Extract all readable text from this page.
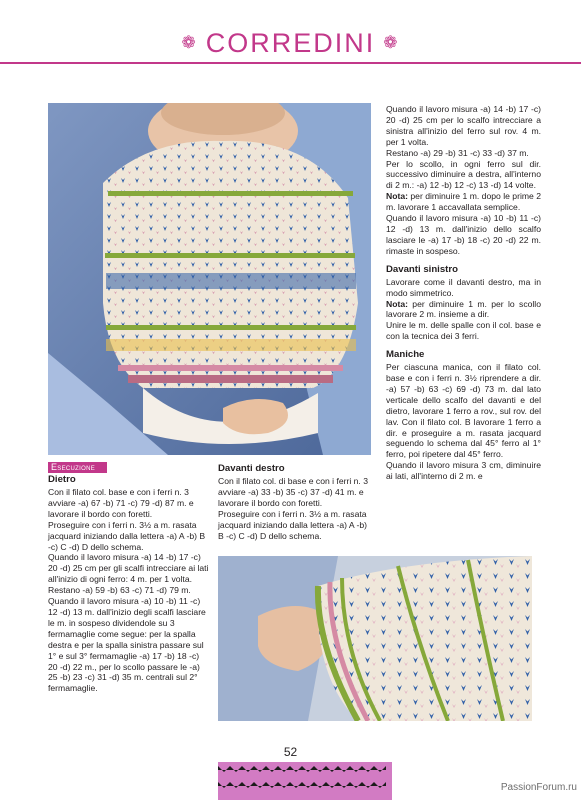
❁ CORREDINI ❁
Esecuzione
Dietro

Con il filato col. base e con i ferri n. 3 avviare -a) 67 -b) 71 -c) 79 -d) 87 m. e lavorare il bordo con foretti.

Proseguire con i ferri n. 3½ a m. rasata jacquard iniziando dalla lettera -a) A -b) B -c) C -d) D dello schema.

Quando il lavoro misura -a) 14 -b) 17 -c) 20 -d) 25 cm per gli scalfi intrecciare ai lati all'inizio di ogni ferro: 4 m. per 1 volta.

Restano -a) 59 -b) 63 -c) 71 -d) 79 m.

Quando il lavoro misura -a) 10 -b) 11 -c) 12 -d) 13 m. dall'inizio degli scalfi lasciare le m. in sospeso dividendole su 3 fermamaglie come segue: per la spalla destra e per la spalla sinistra passare sul 1° e sul 3° fermamaglie -a) 17 -b) 18 -c) 20 -d) 22 m., per lo scollo passare le -a) 25 -b) 23 -c) 31 -d) 35 m. centrali sul 2° fermamaglie.

Davanti destro

Con il filato col. di base e con i ferri n. 3 avviare -a) 33 -b) 35 -c) 37 -d) 41 m. e lavorare il bordo con foretti.

Proseguire con i ferri n. 3½ a m. rasata jacquard iniziando dalla lettera -a) A -b) B -c) C -d) D dello schema.

Quando il lavoro misura -a) 14 -b) 17 -c) 20 -d) 25 cm per lo scalfo intrecciare a sinistra all'inizio del ferro sul rov. 4 m. per 1 volta.

Restano -a) 29 -b) 31 -c) 33 -d) 37 m.

Per lo scollo, in ogni ferro sul dir. successivo diminuire a destra, all'interno di 2 m.: -a) 12 -b) 12 -c) 13 -d) 14 volte.

Nota: per diminuire 1 m. dopo le prime 2 m. lavorare 1 accavallata semplice.

Quando il lavoro misura -a) 10 -b) 11 -c) 12 -d) 13 m. dall'inizio dello scalfo lasciare le -a) 17 -b) 18 -c) 20 -d) 22 m. rimaste in sospeso.

Davanti sinistro

Lavorare come il davanti destro, ma in modo simmetrico.

Nota: per diminuire 1 m. per lo scollo lavorare 2 m. insieme a dir.

Unire le m. delle spalle con il col. base e con la tecnica dei 3 ferri.

Maniche

Per ciascuna manica, con il filato col. base e con i ferri n. 3½ riprendere a dir. -a) 57 -b) 63 -c) 69 -d) 73 m. dal lato verticale dello scalfo del davanti e del dietro, lavorare 1 ferro a rov., sul rov. del lav. Con il filato col. B lavorare 1 ferro a dir. e proseguire a m. rasata jacquard seguendo lo schema dal 45° ferro al 1° ferro, poi ripetere dal 45° ferro.

Quando il lavoro misura 3 cm, diminuire ai lati, all'interno di 2 m. e

52
PassionForum.ru
